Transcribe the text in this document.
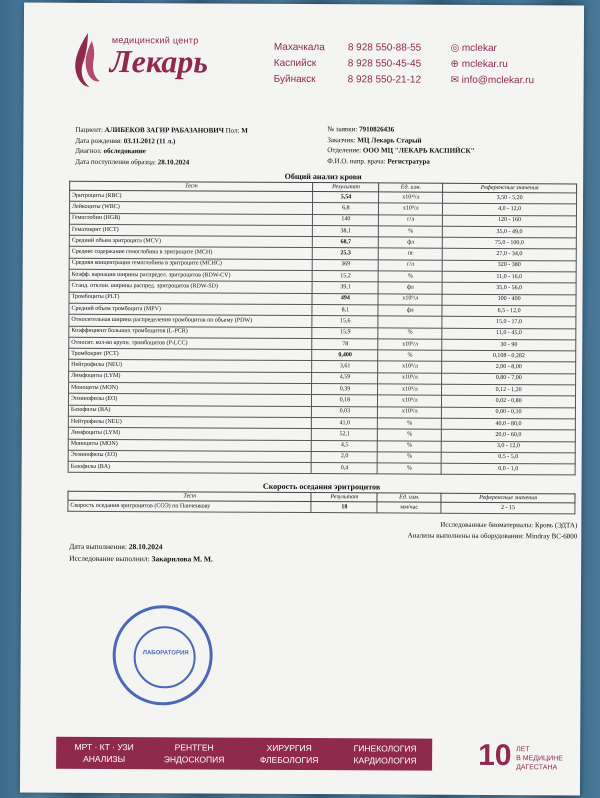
медицинский центр
Лекарь	Махачкала	8 928 550-88-55	◎ mclekar
Каспийск	8 928 550-45-45	⊕ mclekar.ru
Буйнакск	8 928 550-21-12	✉ info@mclekar.ru
Пациент: АЛИБЕКОВ ЗАГИР РАБАЗАНОВИЧ Пол: М
Дата рождения: 03.11.2012 (11 л.)
Диагноз: обследование
Дата поступления образца: 28.10.2024
№ заявки: 7910826436
Заказчик: МЦ Лекарь Старый
Отделение: ООО МЦ "ЛЕКАРЬ КАСПИЙСК"
Ф.И.О. напр. врача: Регистратура
Общий анализ крови
Тест	Результат	Ед. изм.	Референсные значения
Эритроциты (RBC)	5,54	x10¹²/л	3,50 - 5,20
Лейкоциты (WBC)	6,8	x10⁹/л	4,0 - 12,0
Гемоглобин (HGB)	140	г/л	120 - 160
Гематокрит (HCT)	38,1	%	35,0 - 49,0
Средний объем эритроцита (MCV)	68,7	фл	75,0 - 100,0
Среднее содержание гемоглобина в эритроците (MCH)	25,3	пг	27,0 - 34,0
Средняя концентрация гемоглобина в эритроците (MCHC)	369	г/л	320 - 380
Коэфф. вариации ширины распредел. эритроцитов (RDW-CV)	15,2	%	11,0 - 16,0
Станд. отклон. ширины распред. эритроцитов (RDW-SD)	39,1	фл	35,0 - 56,0
Тромбоциты (PLT)	494	x10⁹/л	100 - 400
Средний объем тромбоцита (MPV)	8,1	фл	6,5 - 12,0
Относительная ширина распределения тромбоцитов по объему (PDW)	15,6		15,0 - 17,0
Коэффициент больших тромбоцитов (L-PCR)	15,9	%	11,0 - 45,0
Относит. кол-во крупн. тромбоцитов (P-LCC)	78	x10⁹/л	30 - 90
Тромбокрит (PCT)	0,400	%	0,108 - 0,282
Нейтрофилы (NEU)	3,61	x10⁹/л	2,00 - 8,00
Лимфоциты (LYM)	4,59	x10⁹/л	0,80 - 7,00
Моноциты (MON)	0,39	x10⁹/л	0,12 - 1,20
Эозинофилы (EO)	0,18	x10⁹/л	0,02 - 0,80
Базофилы (BA)	0,03	x10⁹/л	0,00 - 0,10
Нейтрофилы (NEU)	41,0	%	40,0 - 80,0
Лимфоциты (LYM)	52,1	%	20,0 - 60,0
Моноциты (MON)	4,5	%	3,0 - 12,0
Эозинофилы (EO)	2,0	%	0,5 - 5,0
Базофилы (BA)	0,4	%	0,0 - 1,0
Скорость оседания эритроцитов
Тест	Результат	Ед. изм.	Референсные значения
Скорость оседания эритроцитов (СОЭ) по Панченкову	18	мм/час	2 - 15
Исследованные биоматериалы: Кровь (ЭДТА)
Анализы выполнены на оборудовании: Mindray BC-6800
Дата выполнения: 28.10.2024
Исследование выполнил: Закарилова М. М.
ЛАБОРАТОРИЯ
МРТ · КТ · УЗИ
АНАЛИЗЫ
РЕНТГЕН
ЭНДОСКОПИЯ
ХИРУРГИЯ
ФЛЕБОЛОГИЯ
ГИНЕКОЛОГИЯ
КАРДИОЛОГИЯ	10 ЛЕТ
В МЕДИЦИНЕ
ДАГЕСТАНА
